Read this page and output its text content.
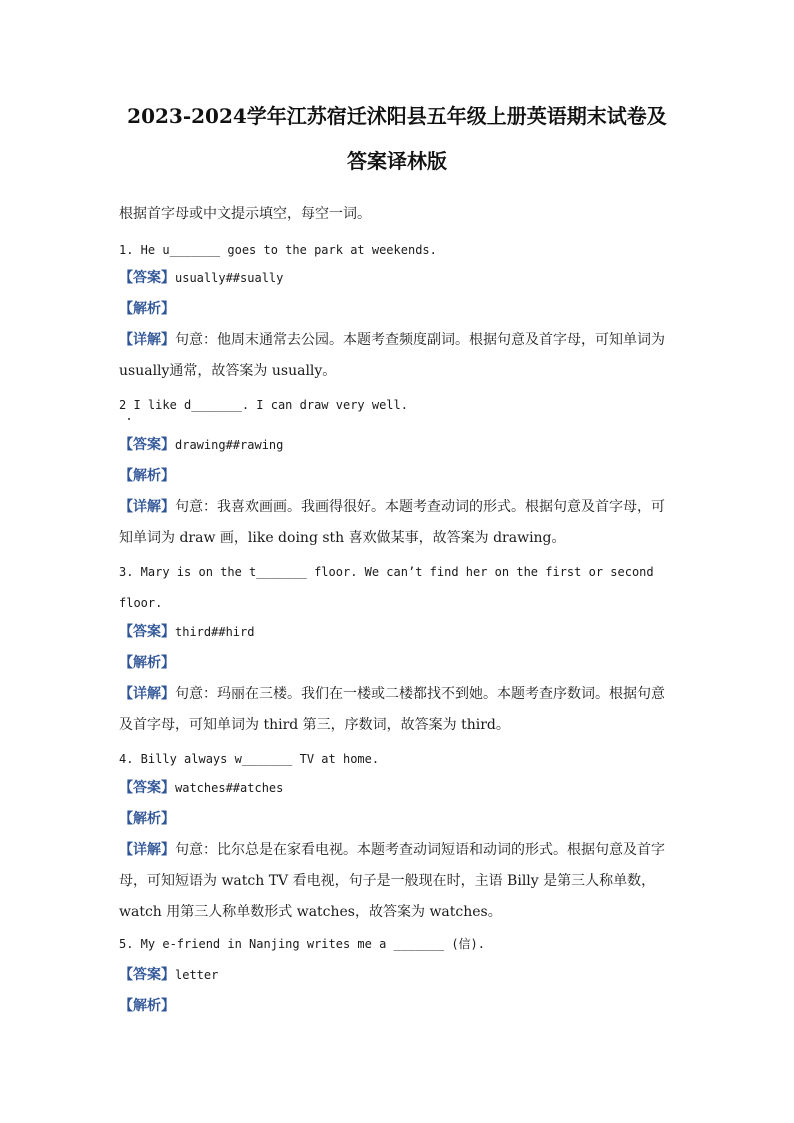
2023-2024学年江苏宿迁沭阳县五年级上册英语期末试卷及
答案译林版
根据首字母或中文提示填空，每空一词。
1. He u_______ goes to the park at weekends.
【答案】usually##sually
【解析】
【详解】句意：他周末通常去公园。本题考查频度副词。根据句意及首字母，可知单词为
usually通常，故答案为 usually。
2 I like d_______. I can draw very well.
【答案】drawing##rawing
【解析】
【详解】句意：我喜欢画画。我画得很好。本题考查动词的形式。根据句意及首字母，可
知单词为 draw 画，like doing sth 喜欢做某事，故答案为 drawing。
3. Mary is on the t_______ floor. We can’t find her on the first or second
floor.
【答案】third##hird
【解析】
【详解】句意：玛丽在三楼。我们在一楼或二楼都找不到她。本题考查序数词。根据句意
及首字母，可知单词为 third 第三，序数词，故答案为 third。
4. Billy always w_______ TV at home.
【答案】watches##atches
【解析】
【详解】句意：比尔总是在家看电视。本题考查动词短语和动词的形式。根据句意及首字
母，可知短语为 watch TV 看电视，句子是一般现在时，主语 Billy 是第三人称单数，
watch 用第三人称单数形式 watches，故答案为 watches。
5. My e-friend in Nanjing writes me a _______ (信).
【答案】letter
【解析】
